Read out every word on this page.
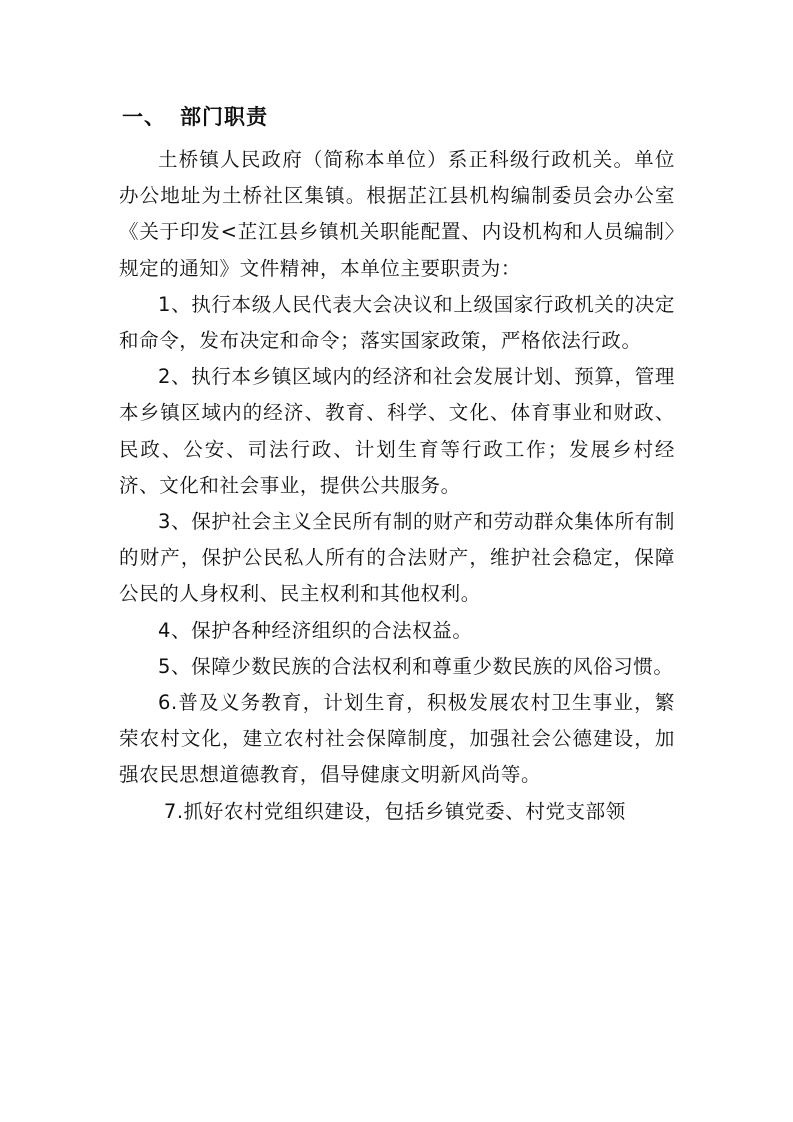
一、 部门职责

土桥镇人民政府（简称本单位）系正科级行政机关。单位办公地址为土桥社区集镇。根据芷江县机构编制委员会办公室《关于印发<芷江县乡镇机关职能配置、内设机构和人员编制〉规定的通知》文件精神，本单位主要职责为：

1、执行本级人民代表大会决议和上级国家行政机关的决定和命令，发布决定和命令；落实国家政策，严格依法行政。

2、执行本乡镇区域内的经济和社会发展计划、预算，管理本乡镇区域内的经济、教育、科学、文化、体育事业和财政、民政、公安、司法行政、计划生育等行政工作；发展乡村经济、文化和社会事业，提供公共服务。

3、保护社会主义全民所有制的财产和劳动群众集体所有制的财产，保护公民私人所有的合法财产，维护社会稳定，保障公民的人身权利、民主权利和其他权利。

4、保护各种经济组织的合法权益。

5、保障少数民族的合法权利和尊重少数民族的风俗习惯。

6.普及义务教育，计划生育，积极发展农村卫生事业，繁荣农村文化，建立农村社会保障制度，加强社会公德建设，加强农民思想道德教育，倡导健康文明新风尚等。

7.抓好农村党组织建设，包括乡镇党委、村党支部领
